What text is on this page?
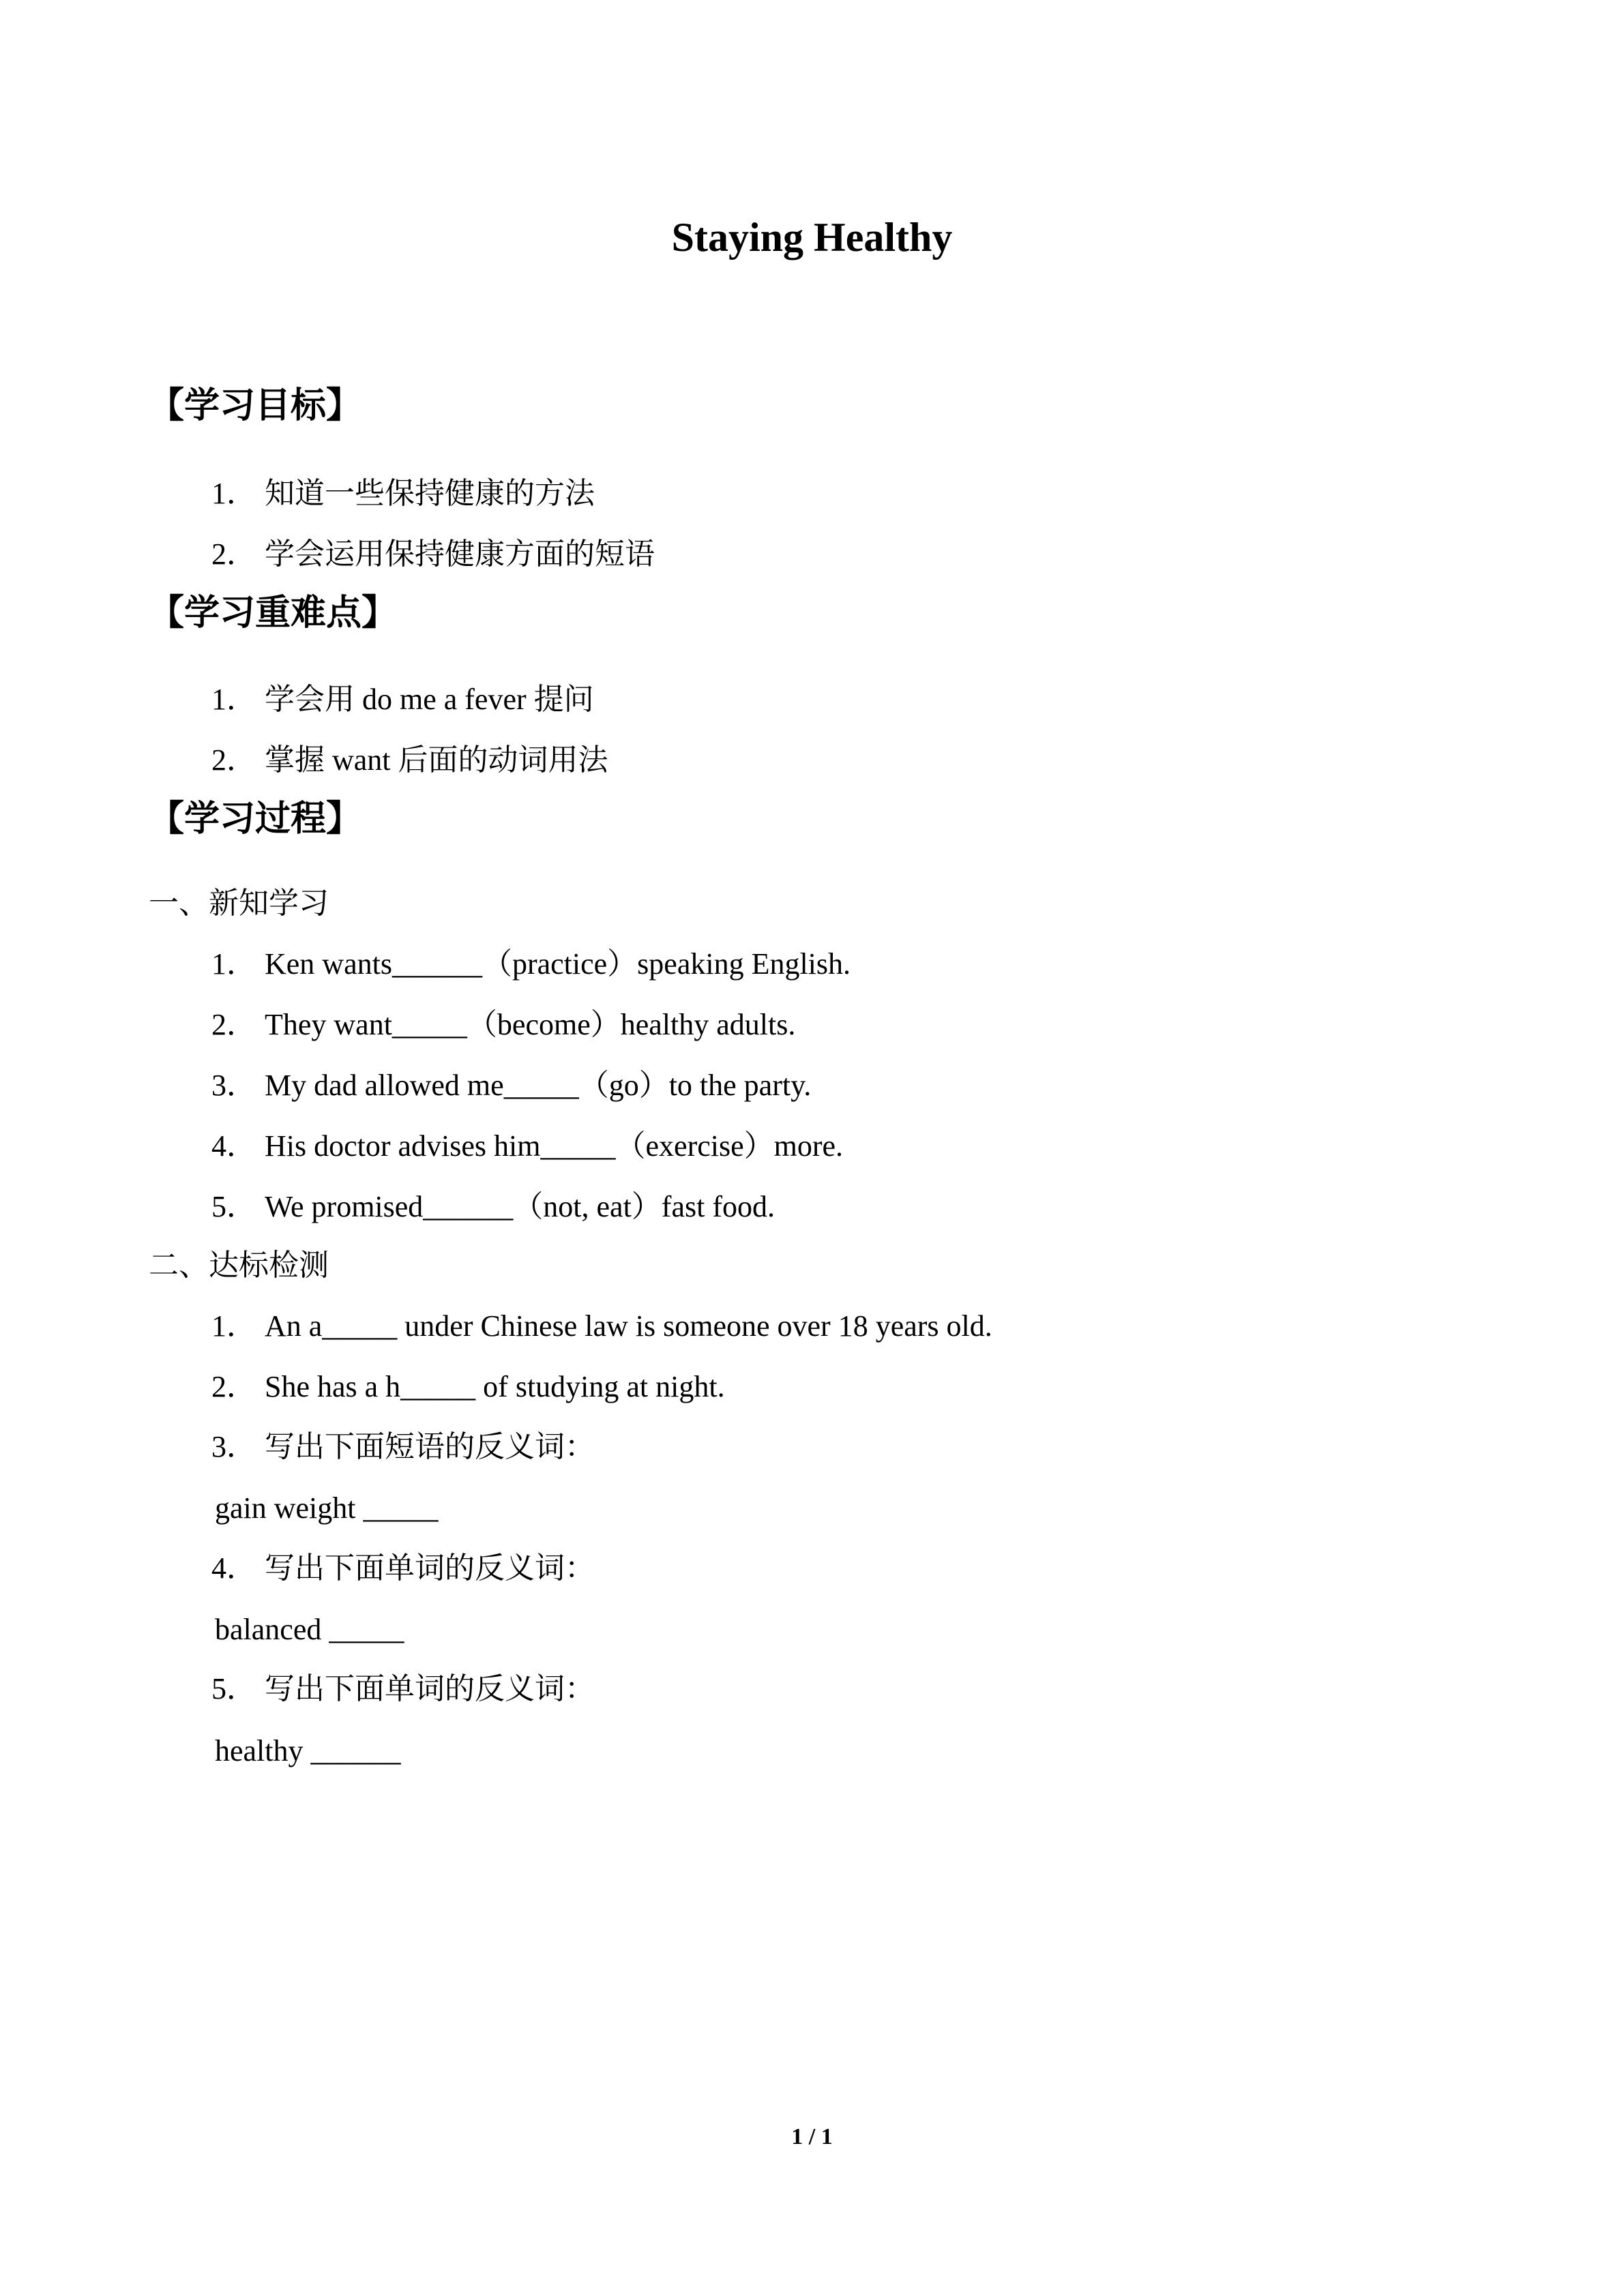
Staying Healthy
【学习目标】
1． 知道一些保持健康的方法
2． 学会运用保持健康方面的短语
【学习重难点】
1． 学会用 do me a fever 提问
2． 掌握 want 后面的动词用法
【学习过程】
一、新知学习
1． Ken wants______（practice）speaking English.
2． They want_____（become）healthy adults.
3． My dad allowed me_____（go）to the party.
4． His doctor advises him_____（exercise）more.
5． We promised______（not, eat）fast food.
二、达标检测
1． An a_____ under Chinese law is someone over 18 years old.
2． She has a h_____ of studying at night.
3． 写出下面短语的反义词：
gain weight _____
4． 写出下面单词的反义词：
balanced _____
5． 写出下面单词的反义词：
healthy ______
1 / 1
